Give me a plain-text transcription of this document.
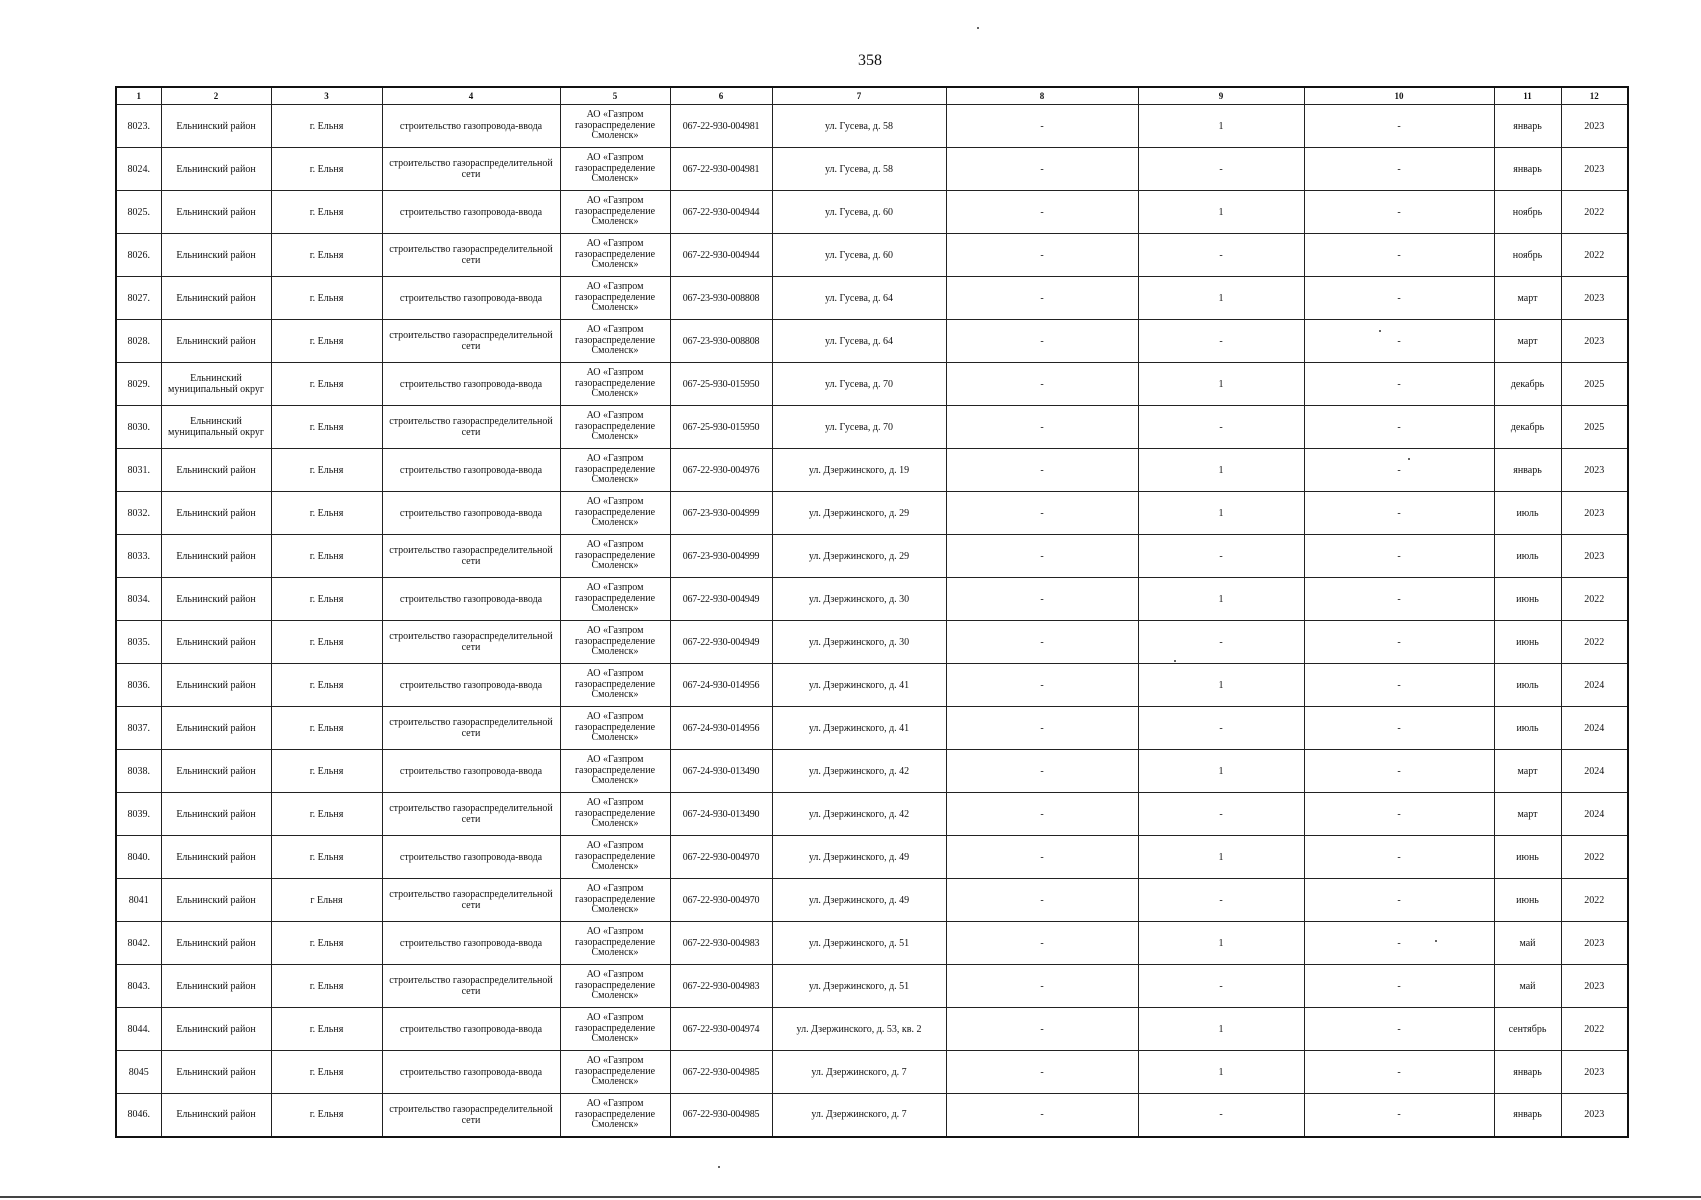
358
1	2	3	4	5	6	7	8	9	10	11	12
8023.	Ельнинский район	г. Ельня	строительство газопровода-ввода	АО «Газпром газораспределение Смоленск»	067-22-930-004981	ул. Гусева, д. 58	-	1	-	январь	2023
8024.	Ельнинский район	г. Ельня	строительство газораспределительной сети	АО «Газпром газораспределение Смоленск»	067-22-930-004981	ул. Гусева, д. 58	-	-	-	январь	2023
8025.	Ельнинский район	г. Ельня	строительство газопровода-ввода	АО «Газпром газораспределение Смоленск»	067-22-930-004944	ул. Гусева, д. 60	-	1	-	ноябрь	2022
8026.	Ельнинский район	г. Ельня	строительство газораспределительной сети	АО «Газпром газораспределение Смоленск»	067-22-930-004944	ул. Гусева, д. 60	-	-	-	ноябрь	2022
8027.	Ельнинский район	г. Ельня	строительство газопровода-ввода	АО «Газпром газораспределение Смоленск»	067-23-930-008808	ул. Гусева, д. 64	-	1	-	март	2023
8028.	Ельнинский район	г. Ельня	строительство газораспределительной сети	АО «Газпром газораспределение Смоленск»	067-23-930-008808	ул. Гусева, д. 64	-	-	-	март	2023
8029.	Ельнинский муниципальный округ	г. Ельня	строительство газопровода-ввода	АО «Газпром газораспределение Смоленск»	067-25-930-015950	ул. Гусева, д. 70	-	1	-	декабрь	2025
8030.	Ельнинский муниципальный округ	г. Ельня	строительство газораспределительной сети	АО «Газпром газораспределение Смоленск»	067-25-930-015950	ул. Гусева, д. 70	-	-	-	декабрь	2025
8031.	Ельнинский район	г. Ельня	строительство газопровода-ввода	АО «Газпром газораспределение Смоленск»	067-22-930-004976	ул. Дзержинского, д. 19	-	1	-	январь	2023
8032.	Ельнинский район	г. Ельня	строительство газопровода-ввода	АО «Газпром газораспределение Смоленск»	067-23-930-004999	ул. Дзержинского, д. 29	-	1	-	июль	2023
8033.	Ельнинский район	г. Ельня	строительство газораспределительной сети	АО «Газпром газораспределение Смоленск»	067-23-930-004999	ул. Дзержинского, д. 29	-	-	-	июль	2023
8034.	Ельнинский район	г. Ельня	строительство газопровода-ввода	АО «Газпром газораспределение Смоленск»	067-22-930-004949	ул. Дзержинского, д. 30	-	1	-	июнь	2022
8035.	Ельнинский район	г. Ельня	строительство газораспределительной сети	АО «Газпром газораспределение Смоленск»	067-22-930-004949	ул. Дзержинского, д. 30	-	-	-	июнь	2022
8036.	Ельнинский район	г. Ельня	строительство газопровода-ввода	АО «Газпром газораспределение Смоленск»	067-24-930-014956	ул. Дзержинского, д. 41	-	1	-	июль	2024
8037.	Ельнинский район	г. Ельня	строительство газораспределительной сети	АО «Газпром газораспределение Смоленск»	067-24-930-014956	ул. Дзержинского, д. 41	-	-	-	июль	2024
8038.	Ельнинский район	г. Ельня	строительство газопровода-ввода	АО «Газпром газораспределение Смоленск»	067-24-930-013490	ул. Дзержинского, д. 42	-	1	-	март	2024
8039.	Ельнинский район	г. Ельня	строительство газораспределительной сети	АО «Газпром газораспределение Смоленск»	067-24-930-013490	ул. Дзержинского, д. 42	-	-	-	март	2024
8040.	Ельнинский район	г. Ельня	строительство газопровода-ввода	АО «Газпром газораспределение Смоленск»	067-22-930-004970	ул. Дзержинского, д. 49	-	1	-	июнь	2022
8041	Ельнинский район	г Ельня	строительство газораспределительной сети	АО «Газпром газораспределение Смоленск»	067-22-930-004970	ул. Дзержинского, д. 49	-	-	-	июнь	2022
8042.	Ельнинский район	г. Ельня	строительство газопровода-ввода	АО «Газпром газораспределение Смоленск»	067-22-930-004983	ул. Дзержинского, д. 51	-	1	-	май	2023
8043.	Ельнинский район	г. Ельня	строительство газораспределительной сети	АО «Газпром газораспределение Смоленск»	067-22-930-004983	ул. Дзержинского, д. 51	-	-	-	май	2023
8044.	Ельнинский район	г. Ельня	строительство газопровода-ввода	АО «Газпром газораспределение Смоленск»	067-22-930-004974	ул. Дзержинского, д. 53, кв. 2	-	1	-	сентябрь	2022
8045	Ельнинский район	г. Ельня	строительство газопровода-ввода	АО «Газпром газораспределение Смоленск»	067-22-930-004985	ул. Дзержинского, д. 7	-	1	-	январь	2023
8046.	Ельнинский район	г. Ельня	строительство газораспределительной сети	АО «Газпром газораспределение Смоленск»	067-22-930-004985	ул. Дзержинского, д. 7	-	-	-	январь	2023
